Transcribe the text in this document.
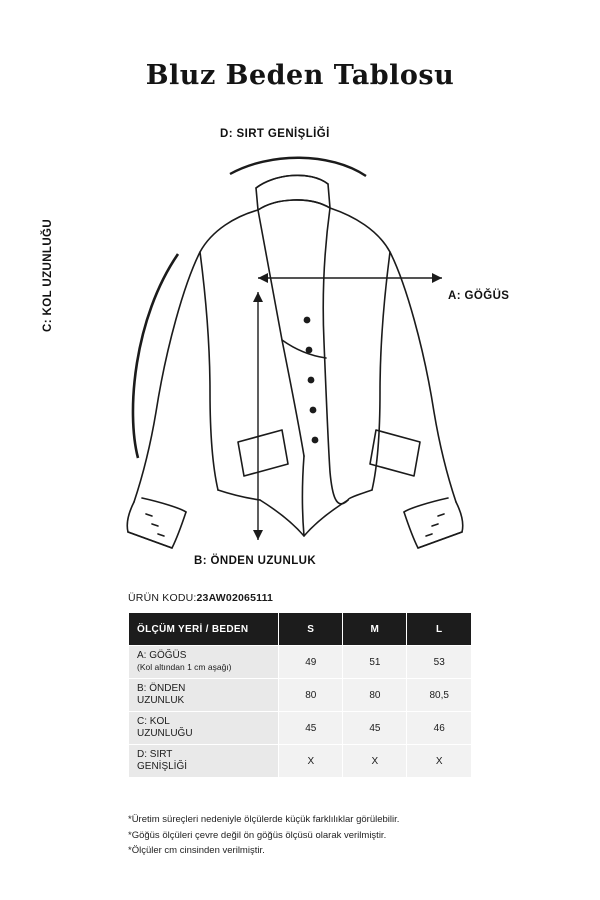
Bluz Beden Tablosu
D: SIRT GENİŞLİĞİ
A: GÖĞÜS
B: ÖNDEN UZUNLUK
C: KOL UZUNLUĞU
ÜRÜN KODU:23AW02065111
ÖLÇÜM YERİ / BEDEN	S	M	L
A: GÖĞÜS
(Kol altından 1 cm aşağı)	49	51	53
B: ÖNDEN
UZUNLUK	80	80	80,5
C: KOL
UZUNLUĞU	45	45	46
D: SIRT
GENİŞLİĞİ	X	X	X
*Üretim süreçleri nedeniyle ölçülerde küçük farklılıklar görülebilir.
*Göğüs ölçüleri çevre değil ön göğüs ölçüsü olarak verilmiştir.
*Ölçüler cm cinsinden verilmiştir.
